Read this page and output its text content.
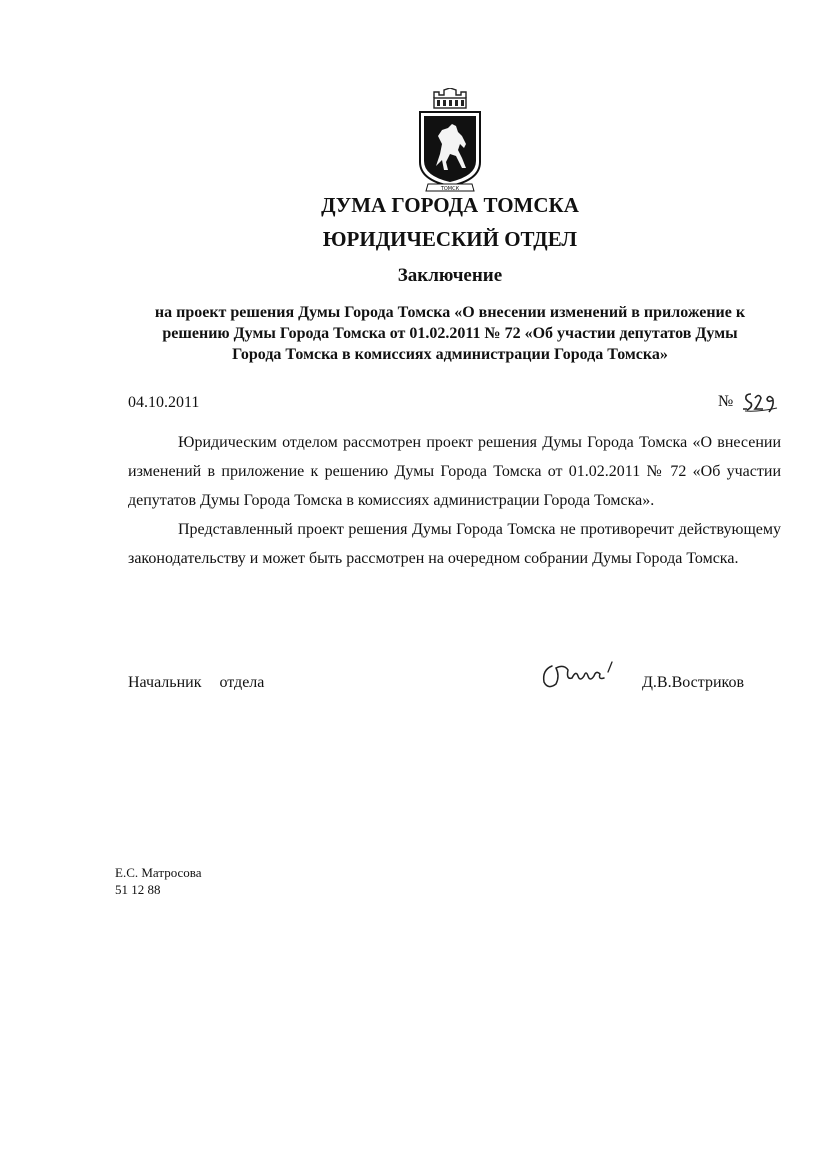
ТОМСК
ДУМА ГОРОДА ТОМСКА
ЮРИДИЧЕСКИЙ ОТДЕЛ
Заключение
на проект решения Думы Города Томска «О внесении изменений в приложение к
решению Думы Города Томска от 01.02.2011 № 72 «Об участии депутатов Думы
Города Томска в комиссиях администрации Города Томска»
04.10.2011	№

Юридическим отделом рассмотрен проект решения Думы Города Томска «О внесении изменений в приложение к решению Думы Города Томска от 01.02.2011 № 72 «Об участии депутатов Думы Города Томска в комиссиях администрации Города Томска».

Представленный проект решения Думы Города Томска не противоречит действующему законодательству и может быть рассмотрен на очередном собрании Думы Города Томска.

Начальник отдела	Д.В.Востриков
Е.С. Матросова
51 12 88
